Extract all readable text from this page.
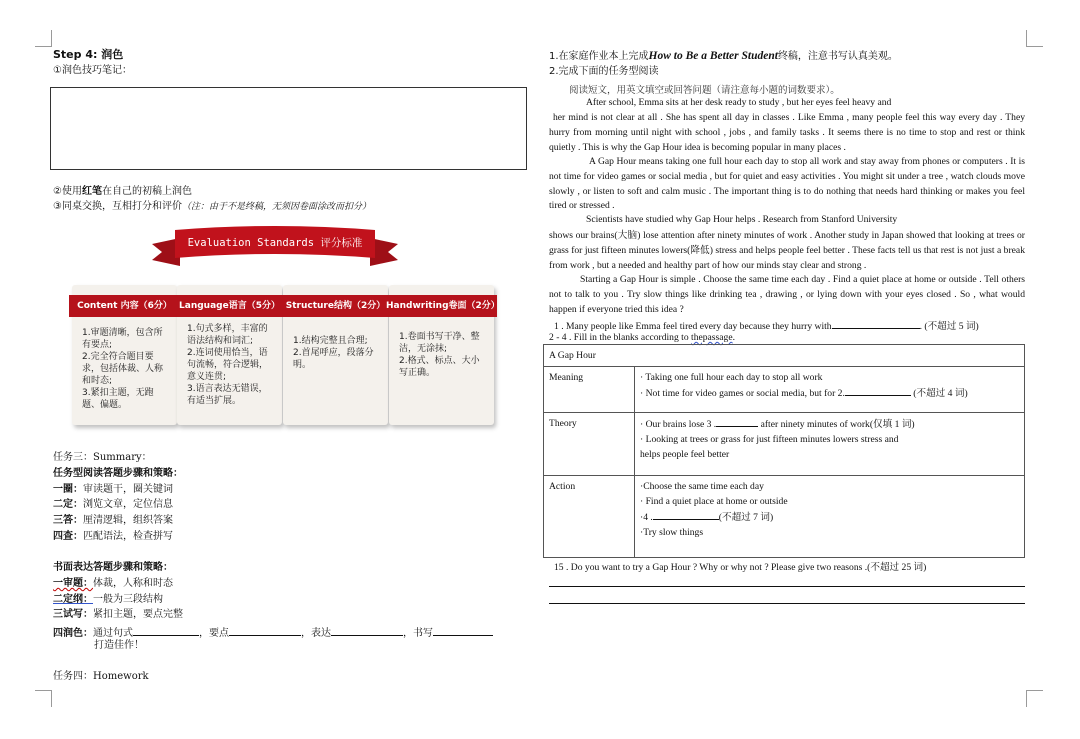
Step 4: 润色
①润色技巧笔记：
②使用红笔在自己的初稿上润色
③同桌交换，互相打分和评价（注：由于不是终稿，无须因卷面涂改而扣分）
Evaluation Standards 评分标准
Content 内容（6分）
1.审题清晰，包含所有要点;
2.完全符合题目要求，包括体裁、人称和时态;
3.紧扣主题，无跑题、偏题。
Language语言（5分）
1.句式多样，丰富的语法结构和词汇;
2.连词使用恰当，语句流畅，符合逻辑，意义连贯;
3.语言表达无错误，有适当扩展。
Structure结构（2分）
1.结构完整且合理;
2.首尾呼应，段落分明。
Handwriting卷面（2分）
1.卷面书写干净、整洁，无涂抹;
2.格式、标点、大小写正确。
任务三：Summary：
任务型阅读答题步骤和策略：
一圈：审读题干，圈关键词
二定：浏览文章，定位信息
三答：厘清逻辑，组织答案
四查：匹配语法，检查拼写
书面表达答题步骤和策略：
一审题：体裁，人称和时态
二定纲：一般为三段结构
三试写：紧扣主题，要点完整
四润色：通过句式	，要点	，表达	，书写
打造佳作！
任务四：Homework
1.在家庭作业本上完成How to Be a Better Student终稿，注意书写认真美观。
2.完成下面的任务型阅读
阅读短文，用英文填空或回答问题（请注意每小题的词数要求）。
After school, Emma sits at her desk ready to study , but her eyes feel heavy and
her mind is not clear at all . She has spent all day in classes . Like Emma , many people feel this way every day . They hurry from morning until night with school , jobs , and family tasks . It seems there is no time to stop and rest or think quietly . This is why the Gap Hour idea is becoming popular in many places .
A Gap Hour means taking one full hour each day to stop all work and stay away from phones or computers . It is not time for video games or social media , but for quiet and easy activities . You might sit under a tree , watch clouds move slowly , or listen to soft and calm music . The important thing is to do nothing that needs hard thinking or makes you feel tired or stressed .
Scientists have studied why Gap Hour helps . Research from Stanford University
shows our brains(大脑) lose attention after ninety minutes of work . Another study in Japan showed that looking at trees or grass for just fifteen minutes lowers(降低) stress and helps people feel better . These facts tell us that rest is not just a break from work , but a needed and healthy part of how our minds stay clear and strong .
Starting a Gap Hour is simple . Choose the same time each day . Find a quiet place at home or outside . Tell others not to talk to you . Try slow things like drinking tea , drawing , or lying down with your eyes closed . So , what would happen if everyone tried this idea ?
1 . Many people like Emma feel tired every day because they hurry with	. (不超过 5 词)
2 - 4 . Fill in the blanks according to thepassage.
A Gap Hour	
Meaning	· Taking one full hour each day to stop all work
· Not time for video games or social media, but for 2. (不超过 4 词)

Theory	· Our brains lose 3 . after ninety minutes of work(仅填 1 词)
· Looking at trees or grass for just fifteen minutes lowers stress and
helps people feel better

Action	·Choose the same time each day
· Find a quiet place at home or outside
·4 . (不超过 7 词)
·Try slow things
15 . Do you want to try a Gap Hour ? Why or why not ? Please give two reasons .(不超过 25 词)
